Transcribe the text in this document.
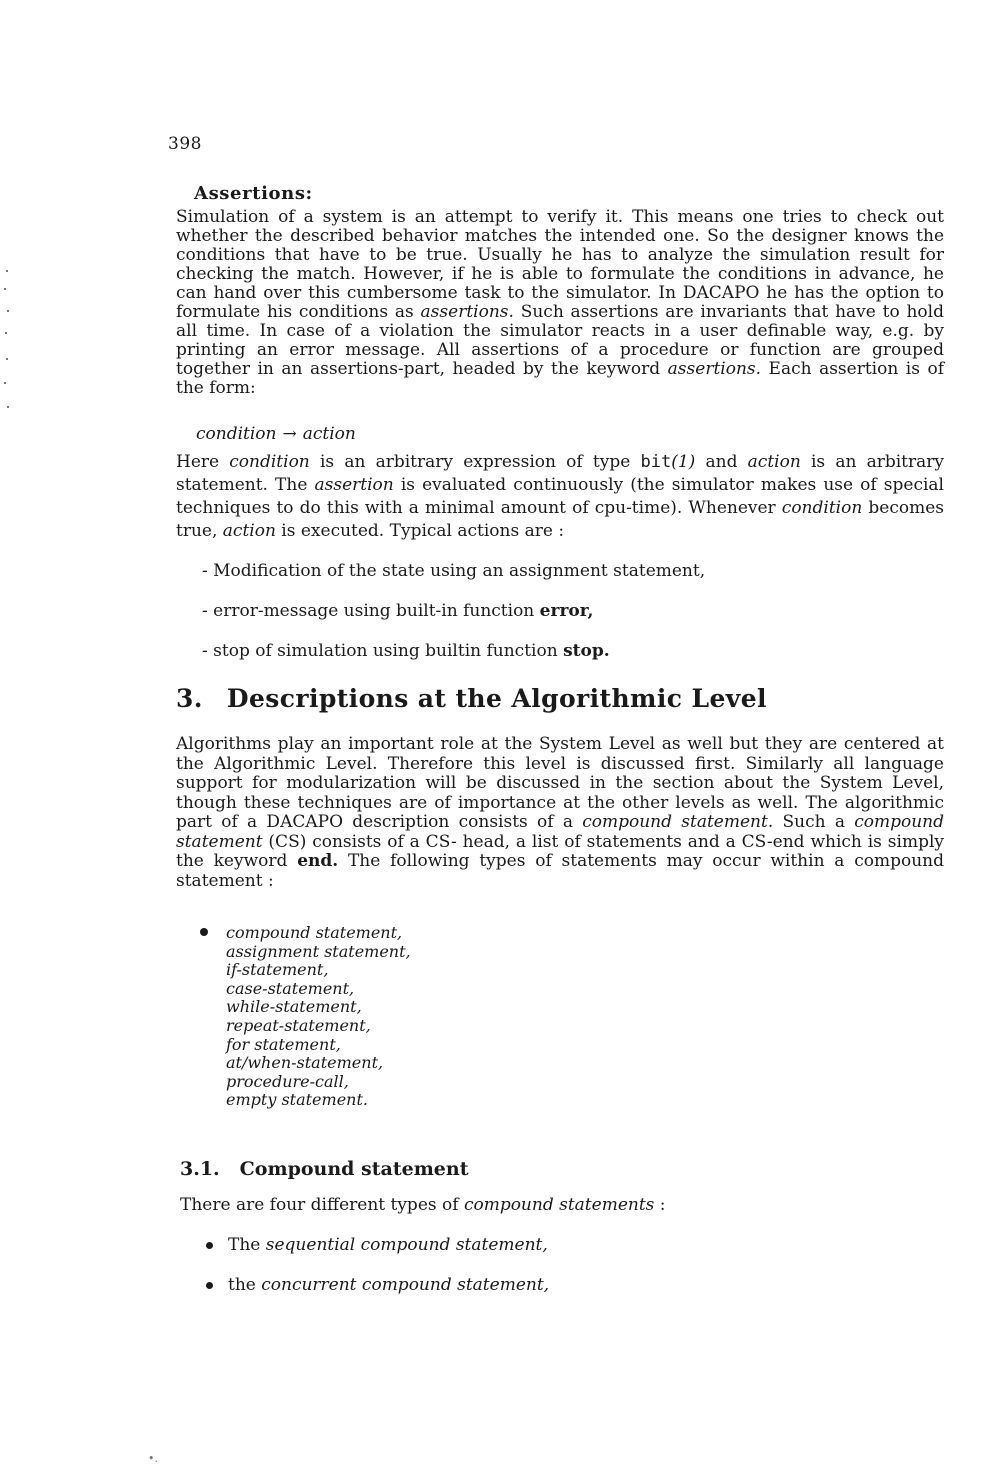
398
Assertions:

Simulation of a system is an attempt to verify it. This means one tries to check out whether the described behavior matches the intended one. So the designer knows the conditions that have to be true. Usually he has to analyze the simulation result for checking the match. However, if he is able to formulate the conditions in advance, he can hand over this cumbersome task to the simulator. In DACAPO he has the option to formulate his conditions as assertions. Such assertions are invariants that have to hold all time. In case of a violation the simulator reacts in a user definable way, e.g. by printing an error message. All assertions of a procedure or function are grouped together in an assertions-part, headed by the keyword assertions. Each assertion is of the form:

condition → action

Here condition is an arbitrary expression of type bit(1) and action is an arbitrary statement. The assertion is evaluated continuously (the simulator makes use of special techniques to do this with a minimal amount of cpu-time). Whenever condition becomes true, action is executed. Typical actions are :

- Modification of the state using an assignment statement,
- error-message using built-in function error,
- stop of simulation using builtin function stop.
3. Descriptions at the Algorithmic Level

Algorithms play an important role at the System Level as well but they are centered at the Algorithmic Level. Therefore this level is discussed first. Similarly all language support for modularization will be discussed in the section about the System Level, though these techniques are of importance at the other levels as well. The algorithmic part of a DACAPO description consists of a compound statement. Such a compound statement (CS) consists of a CS- head, a list of statements and a CS-end which is simply the keyword end. The following types of statements may occur within a compound statement :

compound statement,
assignment statement,
if-statement,
case-statement,
while-statement,
repeat-statement,
for statement,
at/when-statement,
procedure-call,
empty statement.
3.1. Compound statement

There are four different types of compound statements :

The sequential compound statement,
the concurrent compound statement,
•.
